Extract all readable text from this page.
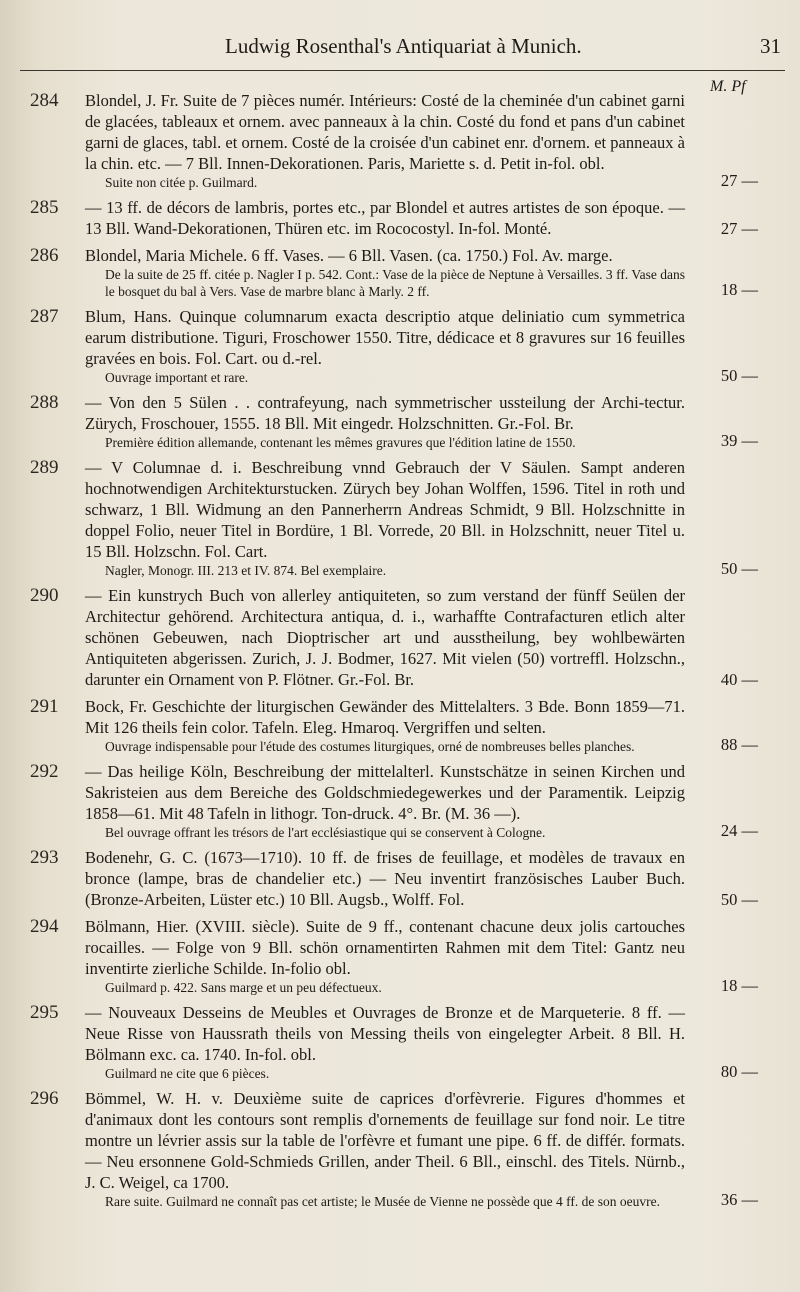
Ludwig Rosenthal's Antiquariat à Munich.	31
M. Pf
284	Blondel, J. Fr. Suite de 7 pièces numér. Intérieurs: Costé de la cheminée d'un cabinet garni de glacées, tableaux et ornem. avec panneaux à la chin. Costé du fond et pans d'un cabinet garni de glaces, tabl. et ornem. Costé de la croisée d'un cabinet enr. d'ornem. et panneaux à la chin. etc. — 7 Bll. Innen-Dekorationen. Paris, Mariette s. d. Petit in-fol. obl.
Suite non citée p. Guilmard.	27 —
285	— 13 ff. de décors de lambris, portes etc., par Blondel et autres artistes de son époque. — 13 Bll. Wand-Dekorationen, Thüren etc. im Rococostyl. In-fol. Monté.	27 —
286	Blondel, Maria Michele. 6 ff. Vases. — 6 Bll. Vasen. (ca. 1750.) Fol. Av. marge.
De la suite de 25 ff. citée p. Nagler I p. 542. Cont.: Vase de la pièce de Neptune à Versailles. 3 ff. Vase dans le bosquet du bal à Vers. Vase de marbre blanc à Marly. 2 ff.	18 —
287	Blum, Hans. Quinque columnarum exacta descriptio atque deliniatio cum symmetrica earum distributione. Tiguri, Froschower 1550. Titre, dédicace et 8 gravures sur 16 feuilles gravées en bois. Fol. Cart. ou d.-rel.
Ouvrage important et rare.	50 —
288	— Von den 5 Sülen . . contrafeyung, nach symmetrischer ussteilung der Archi-tectur. Zürych, Froschouer, 1555. 18 Bll. Mit eingedr. Holzschnitten. Gr.-Fol. Br.
Première édition allemande, contenant les mêmes gravures que l'édition latine de 1550.	39 —
289	— V Columnae d. i. Beschreibung vnnd Gebrauch der V Säulen. Sampt anderen hochnotwendigen Architekturstucken. Zürych bey Johan Wolffen, 1596. Titel in roth und schwarz, 1 Bll. Widmung an den Pannerherrn Andreas Schmidt, 9 Bll. Holzschnitte in doppel Folio, neuer Titel in Bordüre, 1 Bl. Vorrede, 20 Bll. in Holzschnitt, neuer Titel u. 15 Bll. Holzschn. Fol. Cart.
Nagler, Monogr. III. 213 et IV. 874. Bel exemplaire.	50 —
290	— Ein kunstrych Buch von allerley antiquiteten, so zum verstand der fünff Seülen der Architectur gehörend. Architectura antiqua, d. i., warhaffte Contrafacturen etlich alter schönen Gebeuwen, nach Dioptrischer art und aussthеilung, bey wohlbewärten Antiquiteten abgerissen. Zurich, J. J. Bodmer, 1627. Mit vielen (50) vortreffl. Holzschn., darunter ein Ornament von P. Flötner. Gr.-Fol. Br.	40 —
291	Bock, Fr. Geschichte der liturgischen Gewänder des Mittelalters. 3 Bde. Bonn 1859—71. Mit 126 theils fein color. Tafeln. Eleg. Hmaroq. Vergriffen und selten.
Ouvrage indispensable pour l'étude des costumes liturgiques, orné de nombreuses belles planches.	88 —
292	— Das heilige Köln, Beschreibung der mittelalterl. Kunstschätze in seinen Kirchen und Sakristeien aus dem Bereiche des Goldschmiedegewerkes und der Paramentik. Leipzig 1858—61. Mit 48 Tafeln in lithogr. Ton-druck. 4°. Br. (M. 36 —).
Bel ouvrage offrant les trésors de l'art ecclésiastique qui se conservent à Cologne.	24 —
293	Bodenehr, G. C. (1673—1710). 10 ff. de frises de feuillage, et modèles de travaux en bronce (lampe, bras de chandelier etc.) — Neu inventirt französisches Lauber Buch. (Bronze-Arbeiten, Lüster etc.) 10 Bll. Augsb., Wolff. Fol.	50 —
294	Bölmann, Hier. (XVIII. siècle). Suite de 9 ff., contenant chacune deux jolis cartouches rocailles. — Folge von 9 Bll. schön ornamentirten Rahmen mit dem Titel: Gantz neu inventirte zierliche Schilde. In-folio obl.
Guilmard p. 422. Sans marge et un peu défectueux.	18 —
295	— Nouveaux Desseins de Meubles et Ouvrages de Bronze et de Marqueterie. 8 ff. — Neue Risse von Haussrath theils von Messing theils von eingelegter Arbeit. 8 Bll. H. Bölmann exc. ca. 1740. In-fol. obl.
Guilmard ne cite que 6 pièces.	80 —
296	Bömmel, W. H. v. Deuxième suite de caprices d'orfèvrerie. Figures d'hommes et d'animaux dont les contours sont remplis d'ornements de feuillage sur fond noir. Le titre montre un lévrier assis sur la table de l'orfèvre et fumant une pipe. 6 ff. de différ. formats. — Neu ersonnene Gold-Schmieds Grillen, ander Theil. 6 Bll., einschl. des Titels. Nürnb., J. C. Weigel, ca 1700.
Rare suite. Guilmard ne connaît pas cet artiste; le Musée de Vienne ne possède que 4 ff. de son oeuvre.	36 —
